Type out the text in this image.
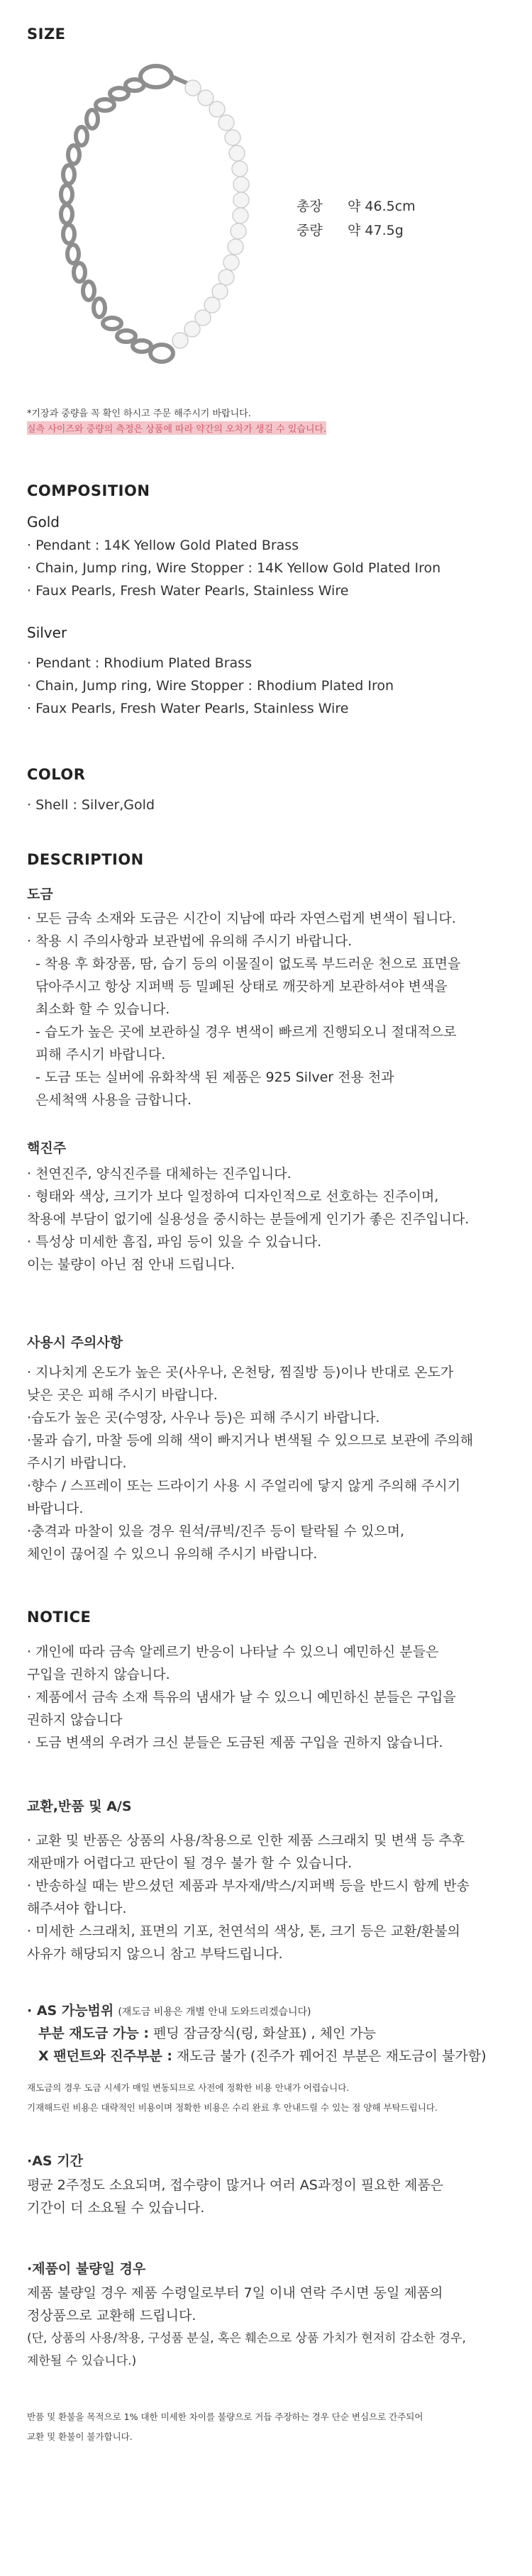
SIZE
총장 약 46.5cm
중량 약 47.5g
*기장과 중량을 꼭 확인 하시고 주문 해주시기 바랍니다.
실측 사이즈와 중량의 측정은 상품에 따라 약간의 오차가 생길 수 있습니다.
COMPOSITION
Gold
· Pendant : 14K Yellow Gold Plated Brass
· Chain, Jump ring, Wire Stopper : 14K Yellow Gold Plated Iron
· Faux Pearls, Fresh Water Pearls, Stainless Wire
Silver
· Pendant : Rhodium Plated Brass
· Chain, Jump ring, Wire Stopper : Rhodium Plated Iron
· Faux Pearls, Fresh Water Pearls, Stainless Wire
COLOR
· Shell : Silver,Gold
DESCRIPTION
도금
· 모든 금속 소재와 도금은 시간이 지남에 따라 자연스럽게 변색이 됩니다.
· 착용 시 주의사항과 보관법에 유의해 주시기 바랍니다.
- 착용 후 화장품, 땀, 습기 등의 이물질이 없도록 부드러운 천으로 표면을
닦아주시고 항상 지퍼백 등 밀폐된 상태로 깨끗하게 보관하셔야 변색을
최소화 할 수 있습니다.
- 습도가 높은 곳에 보관하실 경우 변색이 빠르게 진행되오니 절대적으로
피해 주시기 바랍니다.
- 도금 또는 실버에 유화착색 된 제품은 925 Silver 전용 천과
은세척액 사용을 금합니다.
핵진주
· 천연진주, 양식진주를 대체하는 진주입니다.
· 형태와 색상, 크기가 보다 일정하여 디자인적으로 선호하는 진주이며,
착용에 부담이 없기에 실용성을 중시하는 분들에게 인기가 좋은 진주입니다.
· 특성상 미세한 흠집, 파임 등이 있을 수 있습니다.
이는 불량이 아닌 점 안내 드립니다.
사용시 주의사항
· 지나치게 온도가 높은 곳(사우나, 온천탕, 찜질방 등)이나 반대로 온도가
낮은 곳은 피해 주시기 바랍니다.
·습도가 높은 곳(수영장, 사우나 등)은 피해 주시기 바랍니다.
·물과 습기, 마찰 등에 의해 색이 빠지거나 변색될 수 있으므로 보관에 주의해
주시기 바랍니다.
·향수 / 스프레이 또는 드라이기 사용 시 주얼리에 닿지 않게 주의해 주시기
바랍니다.
·충격과 마찰이 있을 경우 원석/큐빅/진주 등이 탈락될 수 있으며,
체인이 끊어질 수 있으니 유의해 주시기 바랍니다.
NOTICE
· 개인에 따라 금속 알레르기 반응이 나타날 수 있으니 예민하신 분들은
구입을 권하지 않습니다.
· 제품에서 금속 소재 특유의 냄새가 날 수 있으니 예민하신 분들은 구입을
권하지 않습니다
· 도금 변색의 우려가 크신 분들은 도금된 제품 구입을 권하지 않습니다.
교환,반품 및 A/S
· 교환 및 반품은 상품의 사용/착용으로 인한 제품 스크래치 및 변색 등 추후
재판매가 어렵다고 판단이 될 경우 불가 할 수 있습니다.
· 반송하실 때는 받으셨던 제품과 부자재/박스/지퍼백 등을 반드시 함께 반송
해주셔야 합니다.
· 미세한 스크래치, 표면의 기포, 천연석의 색상, 톤, 크기 등은 교환/환불의
사유가 해당되지 않으니 참고 부탁드립니다.
· AS 가능범위 (재도금 비용은 개별 안내 도와드리겠습니다)
부분 재도금 가능 : 펜딩 잠금장식(링, 화살표) , 체인 가능
X 팬던트와 진주부분 : 재도금 불가 (진주가 꿰어진 부분은 재도금이 불가함)
재도금의 경우 도금 시세가 매일 변동되므로 사전에 정확한 비용 안내가 어렵습니다.
기재해드린 비용은 대략적인 비용이며 정확한 비용은 수리 완료 후 안내드릴 수 있는 점 양해 부탁드립니다.
·AS 기간
평균 2주정도 소요되며, 접수량이 많거나 여러 AS과정이 필요한 제품은
기간이 더 소요될 수 있습니다.
·제품이 불량일 경우
제품 불량일 경우 제품 수령일로부터 7일 이내 연락 주시면 동일 제품의
정상품으로 교환해 드립니다.
(단, 상품의 사용/착용, 구성품 분실, 혹은 훼손으로 상품 가치가 현저히 감소한 경우,
제한될 수 있습니다.)
반품 및 환불을 목적으로 1% 대한 미세한 차이를 불량으로 거듭 주장하는 경우 단순 변심으로 간주되어
교환 및 환불이 불가합니다.
